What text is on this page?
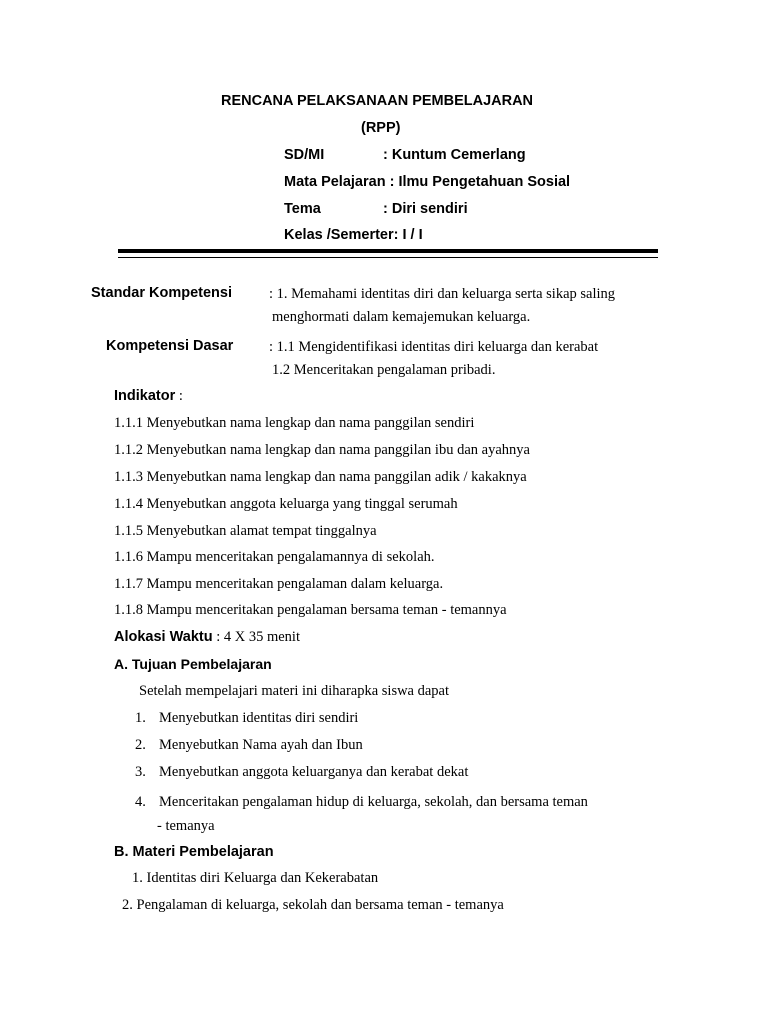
RENCANA PELAKSANAAN PEMBELAJARAN
(RPP)
SD/MI	: Kuntum Cemerlang
Mata Pelajaran : Ilmu Pengetahuan Sosial
Tema	: Diri sendiri
Kelas /Semerter: I / I
Standar Kompetensi	: 1. Memahami identitas diri dan keluarga serta sikap saling
menghormati dalam kemajemukan keluarga.
Kompetensi Dasar : 1.1 Mengidentifikasi identitas diri keluarga dan kerabat
1.2 Menceritakan pengalaman pribadi.
Indikator :
1.1.1 Menyebutkan nama lengkap dan nama panggilan sendiri
1.1.2 Menyebutkan nama lengkap dan nama panggilan ibu dan ayahnya
1.1.3 Menyebutkan nama lengkap dan nama panggilan adik / kakaknya
1.1.4 Menyebutkan anggota keluarga yang tinggal serumah
1.1.5 Menyebutkan alamat tempat tinggalnya
1.1.6 Mampu menceritakan pengalamannya di sekolah.
1.1.7 Mampu menceritakan pengalaman dalam keluarga.
1.1.8 Mampu menceritakan pengalaman bersama teman - temannya
Alokasi Waktu : 4 X 35 menit
A. Tujuan Pembelajaran
Setelah mempelajari materi ini diharapka siswa dapat
1. Menyebutkan identitas diri sendiri
2. Menyebutkan Nama ayah dan Ibun
3. Menyebutkan anggota keluarganya dan kerabat dekat
4. Menceritakan pengalaman hidup di keluarga, sekolah, dan bersama teman
- temanya
B. Materi Pembelajaran
1. Identitas diri Keluarga dan Kekerabatan
2. Pengalaman di keluarga, sekolah dan bersama teman - temanya
